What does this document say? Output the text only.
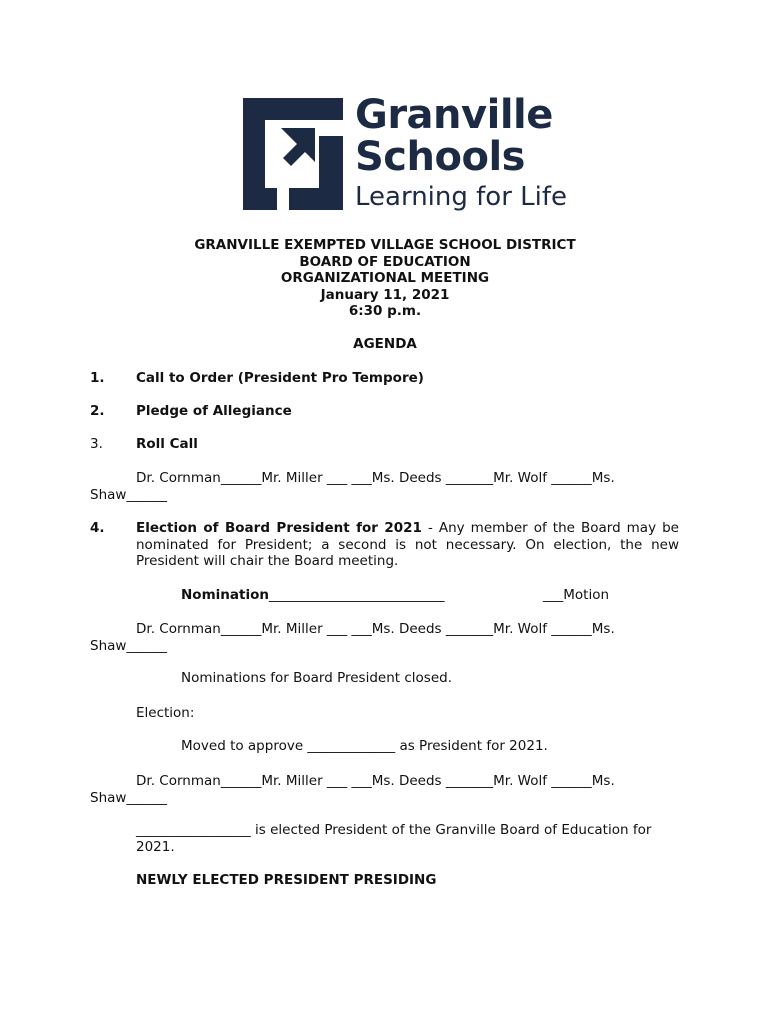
Granville
Schools
Learning for Life
GRANVILLE EXEMPTED VILLAGE SCHOOL DISTRICT
BOARD OF EDUCATION
ORGANIZATIONAL MEETING
January 11, 2021
6:30 p.m.
AGENDA
1. Call to Order (President Pro Tempore)
2. Pledge of Allegiance
3. Roll Call
Dr. Cornman______Mr. Miller ___ ___Ms. Deeds _______Mr. Wolf ______Ms.
Shaw______
4. Election of Board President for 2021 - Any member of the Board may be nominated for President; a second is not necessary. On election, the new President will chair the Board meeting.
Nomination__________________________	___Motion
Dr. Cornman______Mr. Miller ___ ___Ms. Deeds _______Mr. Wolf ______Ms.
Shaw______
Nominations for Board President closed.
Election:
Moved to approve _____________ as President for 2021.
Dr. Cornman______Mr. Miller ___ ___Ms. Deeds _______Mr. Wolf ______Ms.
Shaw______
_________________ is elected President of the Granville Board of Education for 2021.
NEWLY ELECTED PRESIDENT PRESIDING
